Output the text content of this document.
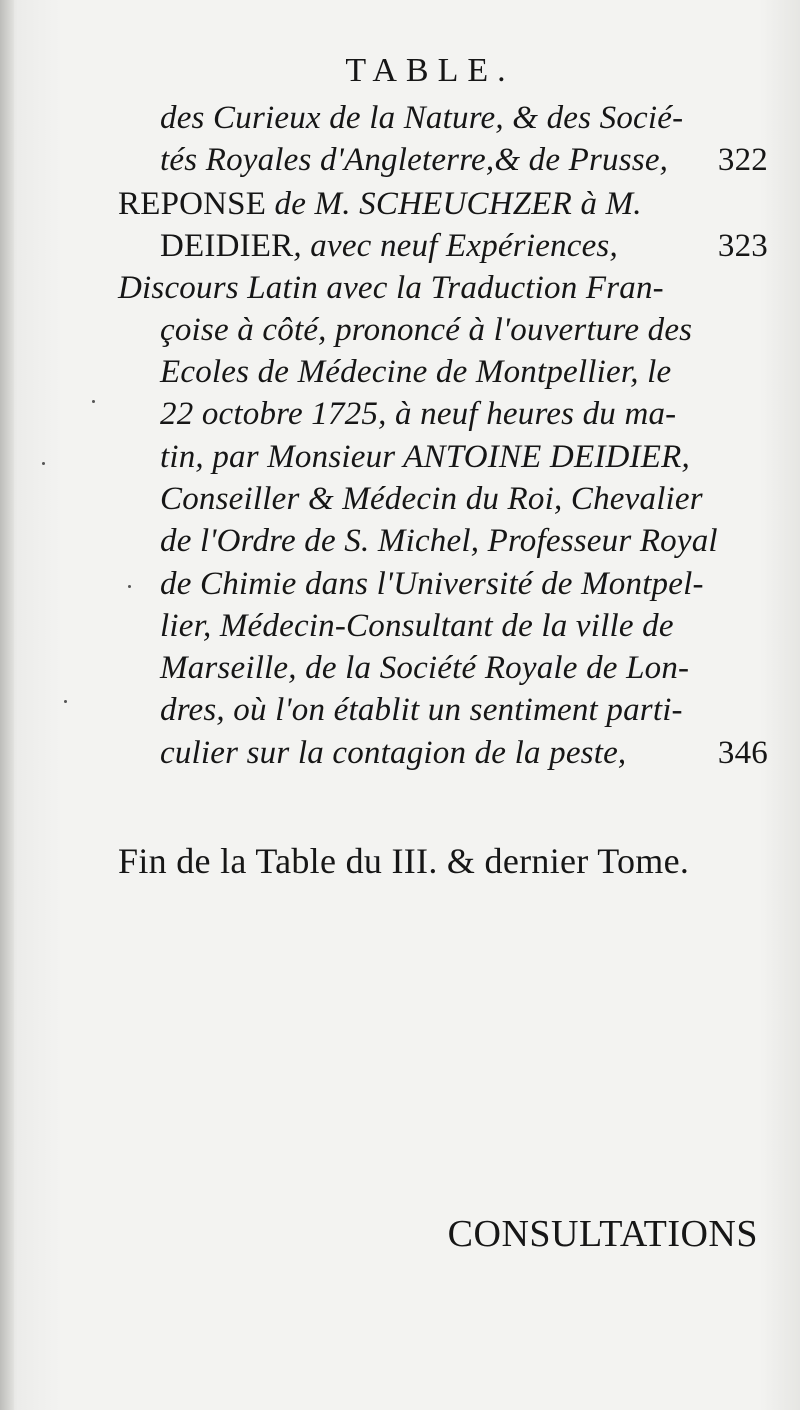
TABLE.
des Curieux de la Nature, & des Socié-
tés Royales d'Angleterre,& de Prusse, 322
REPONSE de M. SCHEUCHZER à M.
DEIDIER, avec neuf Expériences,	323
Discours Latin avec la Traduction Fran-
çoise à côté, prononcé à l'ouverture des
Ecoles de Médecine de Montpellier, le
22 octobre 1725, à neuf heures du ma-
tin, par Monsieur ANTOINE DEIDIER,
Conseiller & Médecin du Roi, Chevalier
de l'Ordre de S. Michel, Professeur Royal
de Chimie dans l'Université de Montpel-
lier, Médecin-Consultant de la ville de
Marseille, de la Société Royale de Lon-
dres, où l'on établit un sentiment parti-
culier sur la contagion de la peste,	346
Fin de la Table du III. & dernier Tome.
CONSULTATIONS
